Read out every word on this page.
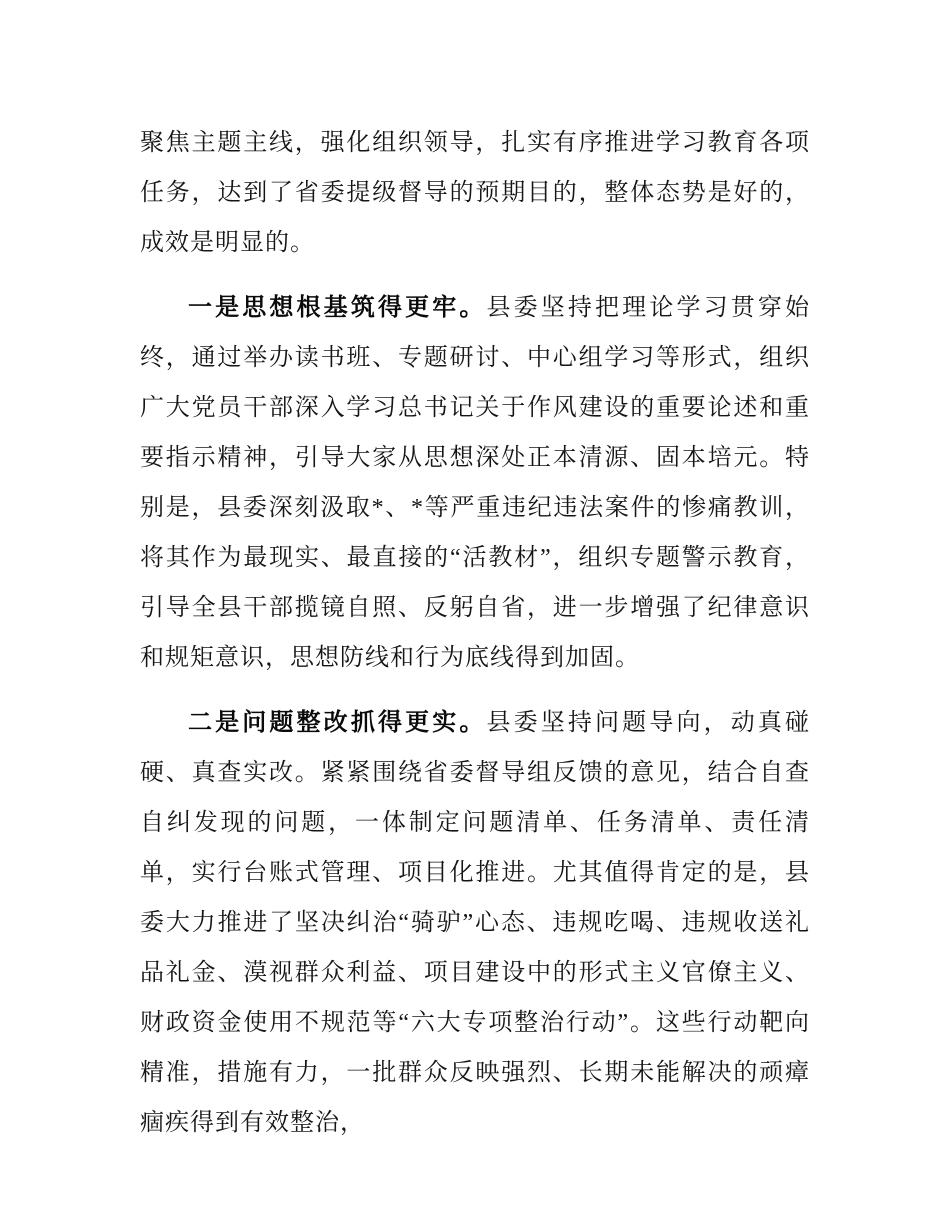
聚焦主题主线，强化组织领导，扎实有序推进学习教育各项任务，达到了省委提级督导的预期目的，整体态势是好的，成效是明显的。

一是思想根基筑得更牢。县委坚持把理论学习贯穿始终，通过举办读书班、专题研讨、中心组学习等形式，组织广大党员干部深入学习总书记关于作风建设的重要论述和重要指示精神，引导大家从思想深处正本清源、固本培元。特别是，县委深刻汲取*、*等严重违纪违法案件的惨痛教训，将其作为最现实、最直接的“活教材”，组织专题警示教育，引导全县干部揽镜自照、反躬自省，进一步增强了纪律意识和规矩意识，思想防线和行为底线得到加固。

二是问题整改抓得更实。县委坚持问题导向，动真碰硬、真查实改。紧紧围绕省委督导组反馈的意见，结合自查自纠发现的问题，一体制定问题清单、任务清单、责任清单，实行台账式管理、项目化推进。尤其值得肯定的是，县委大力推进了坚决纠治“骑驴”心态、违规吃喝、违规收送礼品礼金、漠视群众利益、项目建设中的形式主义官僚主义、财政资金使用不规范等“六大专项整治行动”。这些行动靶向精准，措施有力，一批群众反映强烈、长期未能解决的顽瘴痼疾得到有效整治，
